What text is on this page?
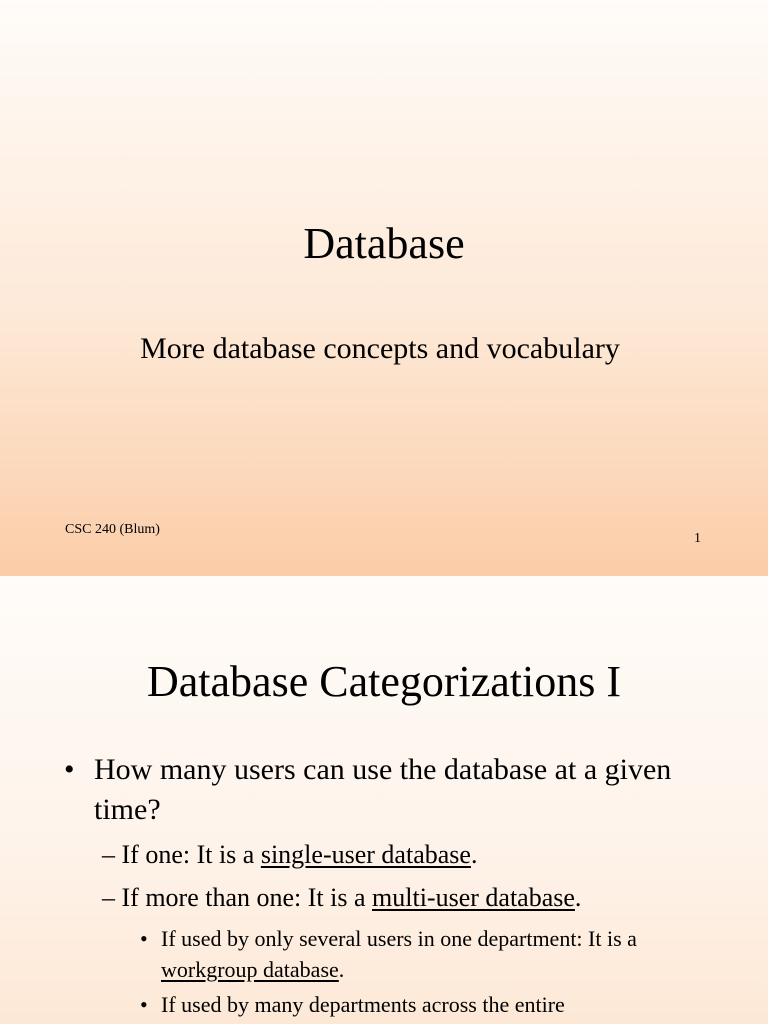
Database
More database concepts and vocabulary
CSC 240 (Blum)
1
Database Categorizations I
• How many users can use the database at a given time?
– If one: It is a single-user database.
– If more than one: It is a multi-user database.
• If used by only several users in one department: It is a workgroup database.
• If used by many departments across the entire
